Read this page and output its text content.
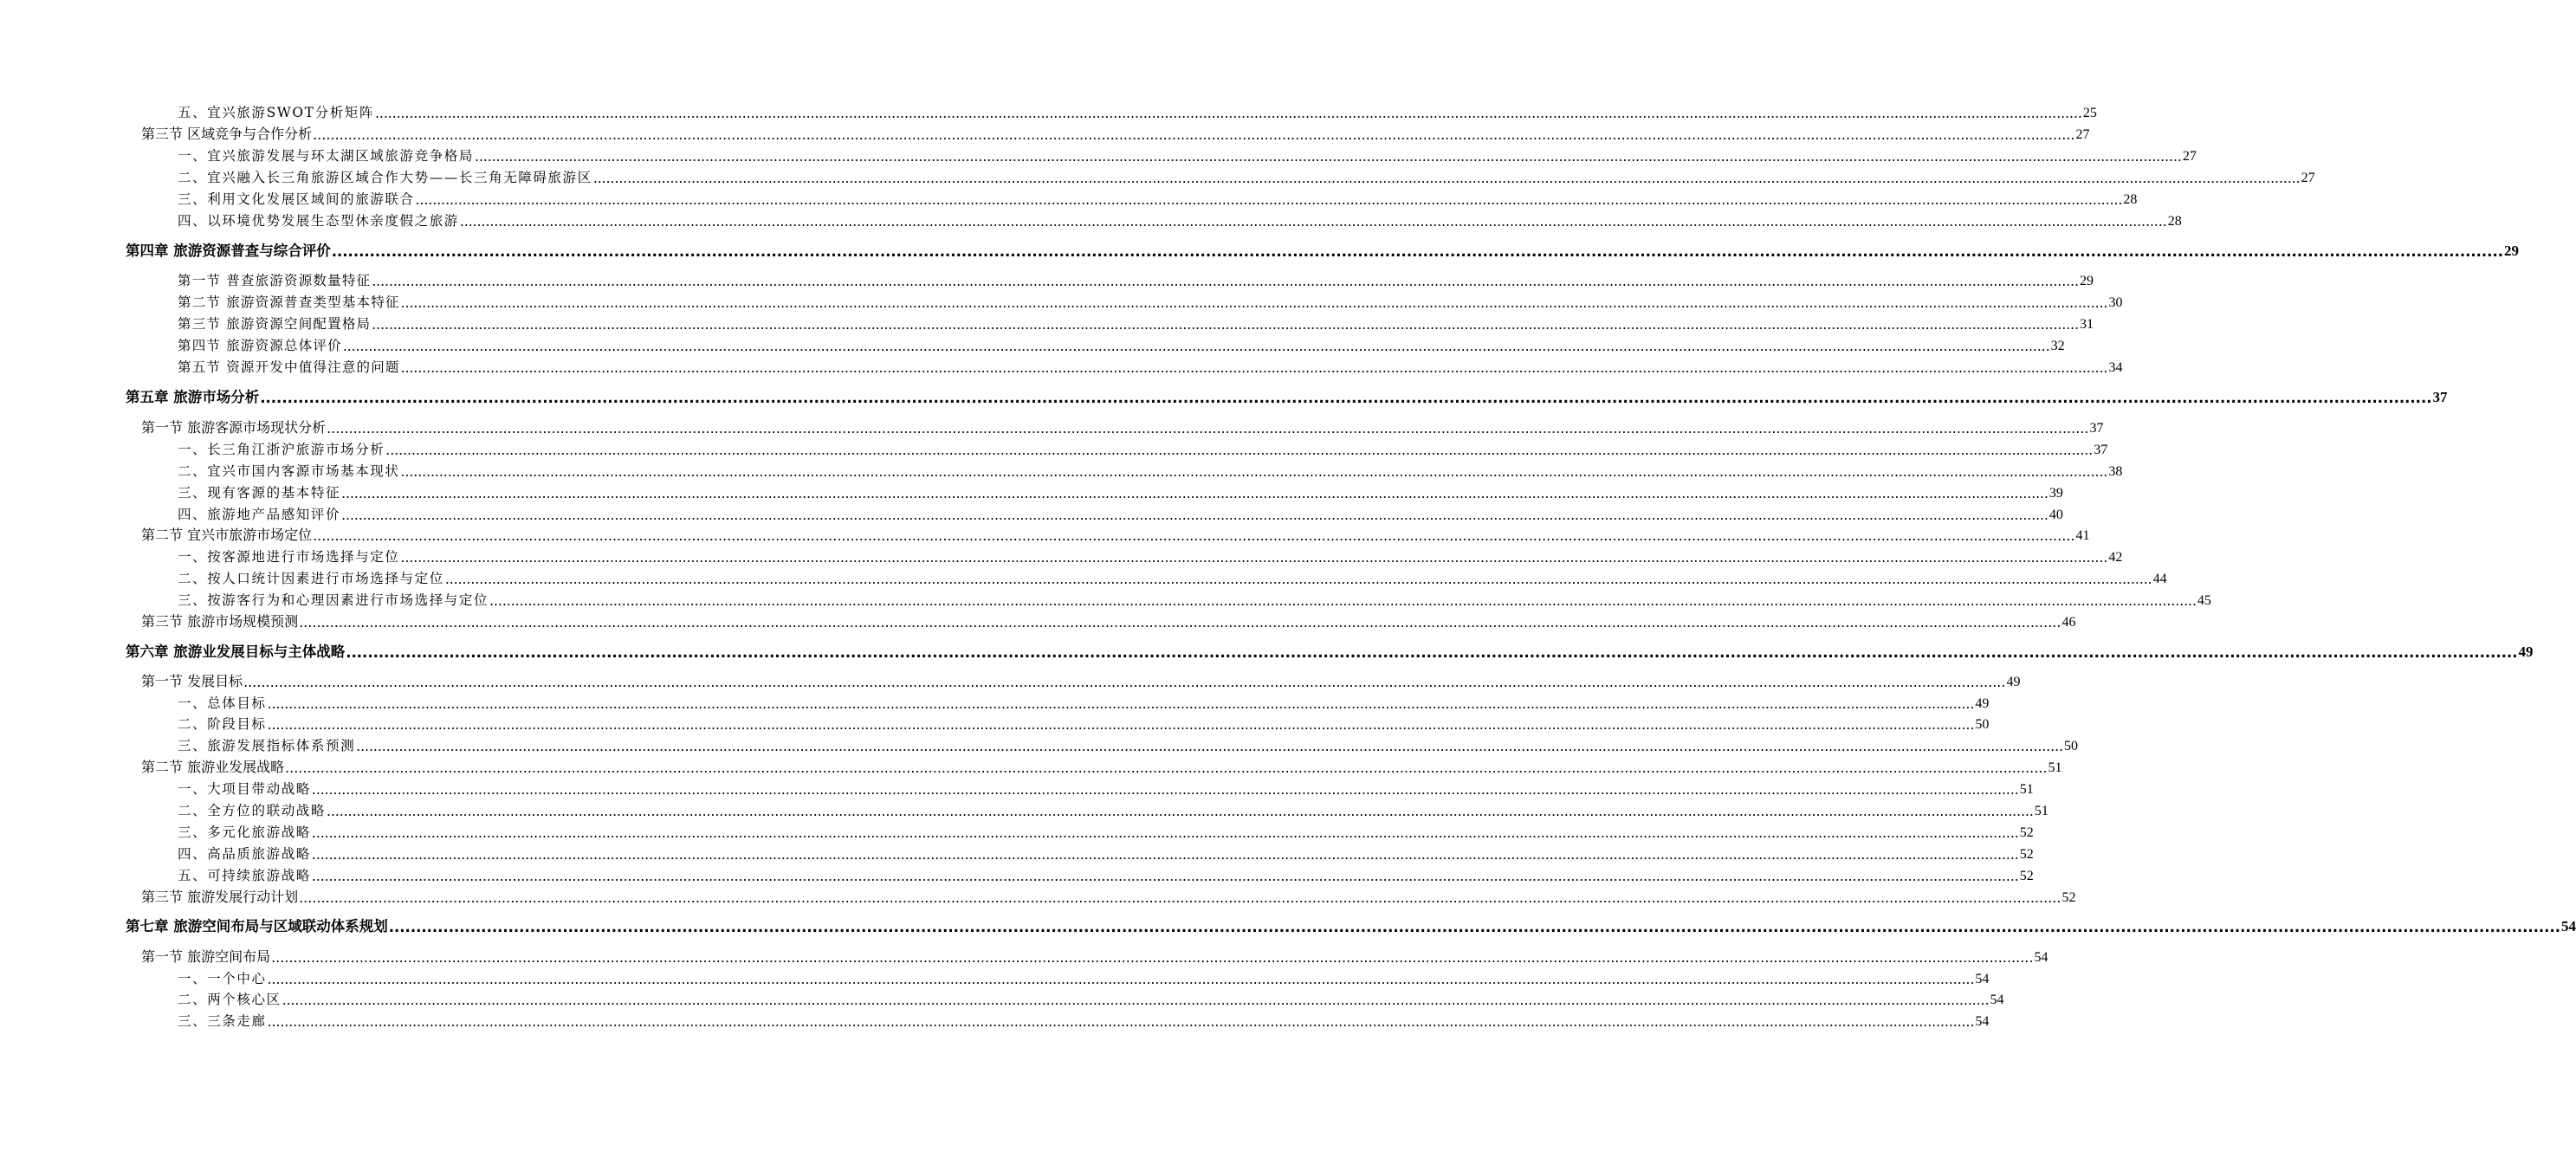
五、宜兴旅游SWOT分析矩阵 ................................................................................................................................................................................................................................................................................................................................................................................................................ 25
第三节 区域竞争与合作分析 ................................................................................................................................................................................................................................................................................................................................................................................................................ 27
一、宜兴旅游发展与环太湖区域旅游竞争格局 ................................................................................................................................................................................................................................................................................................................................................................................................................ 27
二、宜兴融入长三角旅游区域合作大势——长三角无障碍旅游区 ................................................................................................................................................................................................................................................................................................................................................................................................................ 27
三、利用文化发展区域间的旅游联合 ................................................................................................................................................................................................................................................................................................................................................................................................................ 28
四、以环境优势发展生态型休亲度假之旅游 ................................................................................................................................................................................................................................................................................................................................................................................................................ 28
第四章 旅游资源普查与综合评价 ................................................................................................................................................................................................................................................................................................................................................................................................................ 29
第一节 普查旅游资源数量特征 ................................................................................................................................................................................................................................................................................................................................................................................................................ 29
第二节 旅游资源普查类型基本特征 ................................................................................................................................................................................................................................................................................................................................................................................................................ 30
第三节 旅游资源空间配置格局 ................................................................................................................................................................................................................................................................................................................................................................................................................ 31
第四节 旅游资源总体评价 ................................................................................................................................................................................................................................................................................................................................................................................................................ 32
第五节 资源开发中值得注意的问题 ................................................................................................................................................................................................................................................................................................................................................................................................................ 34
第五章 旅游市场分析 ................................................................................................................................................................................................................................................................................................................................................................................................................ 37
第一节 旅游客源市场现状分析 ................................................................................................................................................................................................................................................................................................................................................................................................................ 37
一、长三角江浙沪旅游市场分析 ................................................................................................................................................................................................................................................................................................................................................................................................................ 37
二、宜兴市国内客源市场基本现状 ................................................................................................................................................................................................................................................................................................................................................................................................................ 38
三、现有客源的基本特征 ................................................................................................................................................................................................................................................................................................................................................................................................................ 39
四、旅游地产品感知评价 ................................................................................................................................................................................................................................................................................................................................................................................................................ 40
第二节 宜兴市旅游市场定位 ................................................................................................................................................................................................................................................................................................................................................................................................................ 41
一、按客源地进行市场选择与定位 ................................................................................................................................................................................................................................................................................................................................................................................................................ 42
二、按人口统计因素进行市场选择与定位 ................................................................................................................................................................................................................................................................................................................................................................................................................ 44
三、按游客行为和心理因素进行市场选择与定位 ................................................................................................................................................................................................................................................................................................................................................................................................................ 45
第三节 旅游市场规模预测 ................................................................................................................................................................................................................................................................................................................................................................................................................ 46
第六章 旅游业发展目标与主体战略 ................................................................................................................................................................................................................................................................................................................................................................................................................ 49
第一节 发展目标 ................................................................................................................................................................................................................................................................................................................................................................................................................ 49
一、总体目标 ................................................................................................................................................................................................................................................................................................................................................................................................................ 49
二、阶段目标 ................................................................................................................................................................................................................................................................................................................................................................................................................ 50
三、旅游发展指标体系预测 ................................................................................................................................................................................................................................................................................................................................................................................................................ 50
第二节 旅游业发展战略 ................................................................................................................................................................................................................................................................................................................................................................................................................ 51
一、大项目带动战略 ................................................................................................................................................................................................................................................................................................................................................................................................................ 51
二、全方位的联动战略 ................................................................................................................................................................................................................................................................................................................................................................................................................ 51
三、多元化旅游战略 ................................................................................................................................................................................................................................................................................................................................................................................................................ 52
四、高品质旅游战略 ................................................................................................................................................................................................................................................................................................................................................................................................................ 52
五、可持续旅游战略 ................................................................................................................................................................................................................................................................................................................................................................................................................ 52
第三节 旅游发展行动计划 ................................................................................................................................................................................................................................................................................................................................................................................................................ 52
第七章 旅游空间布局与区域联动体系规划 ................................................................................................................................................................................................................................................................................................................................................................................................................ 54
第一节 旅游空间布局 ................................................................................................................................................................................................................................................................................................................................................................................................................ 54
一、一个中心 ................................................................................................................................................................................................................................................................................................................................................................................................................ 54
二、两个核心区 ................................................................................................................................................................................................................................................................................................................................................................................................................ 54
三、三条走廊 ................................................................................................................................................................................................................................................................................................................................................................................................................ 54
